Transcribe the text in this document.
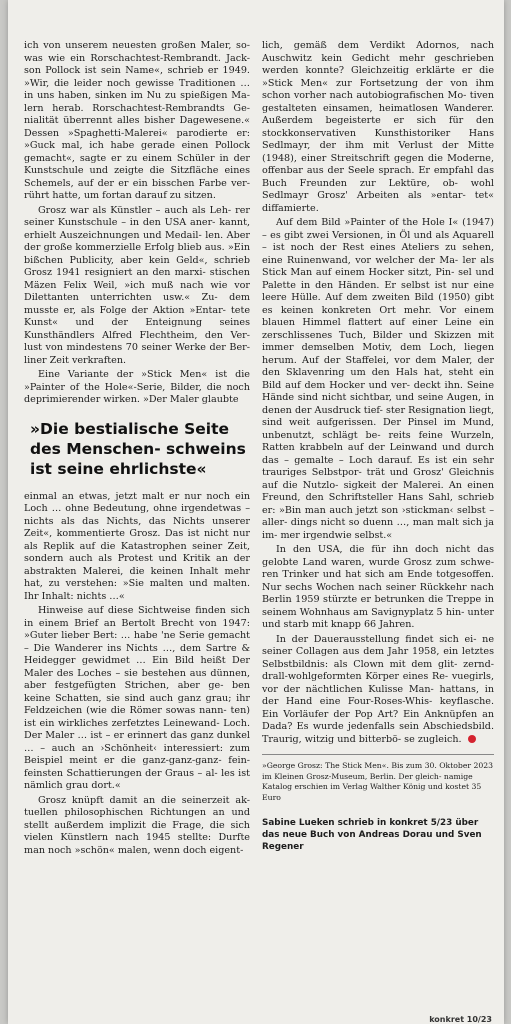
ich von unserem neuesten großen Maler, so- was wie ein Rorschachtest-Rembrandt. Jack- son Pollock ist sein Name«, schrieb er 1949. »Wir, die leider noch gewisse Traditionen … in uns haben, sinken im Nu zu spießigen Ma- lern herab. Rorschachtest-Rembrandts Ge- nialität überrennt alles bisher Dagewesene.« Dessen »Spaghetti-Malerei« parodierte er: »Guck mal, ich habe gerade einen Pollock gemacht«, sagte er zu einem Schüler in der Kunstschule und zeigte die Sitzfläche eines Schemels, auf der er ein bisschen Farbe ver- rührt hatte, um fortan darauf zu sitzen.

Grosz war als Künstler – auch als Leh- rer seiner Kunstschule – in den USA aner- kannt, erhielt Auszeichnungen und Medail- len. Aber der große kommerzielle Erfolg blieb aus. »Ein bißchen Publicity, aber kein Geld«, schrieb Grosz 1941 resigniert an den marxi- stischen Mäzen Felix Weil, »ich muß nach wie vor Dilettanten unterrichten usw.« Zu- dem musste er, als Folge der Aktion »Entar- tete Kunst« und der Enteignung seines Kunsthändlers Alfred Flechtheim, den Ver- lust von mindestens 70 seiner Werke der Ber- liner Zeit verkraften.

Eine Variante der »Stick Men« ist die »Painter of the Hole«-Serie, Bilder, die noch deprimierender wirken. »Der Maler glaubte

»Die bestialische Seite des Menschen- schweins ist seine ehrlichste«

einmal an etwas, jetzt malt er nur noch ein Loch … ohne Bedeutung, ohne irgendetwas – nichts als das Nichts, das Nichts unserer Zeit«, kommentierte Grosz. Das ist nicht nur als Replik auf die Katastrophen seiner Zeit, sondern auch als Protest und Kritik an der abstrakten Malerei, die keinen Inhalt mehr hat, zu verstehen: »Sie malten und malten. Ihr Inhalt: nichts …«

Hinweise auf diese Sichtweise finden sich in einem Brief an Bertolt Brecht von 1947: »Guter lieber Bert: … habe 'ne Serie gemacht – Die Wanderer ins Nichts …, dem Sartre & Heidegger gewidmet … Ein Bild heißt Der Maler des Loches – sie bestehen aus dünnen, aber festgefügten Strichen, aber ge- ben keine Schatten, sie sind auch ganz grau; ihr Feldzeichen (wie die Römer sowas nann- ten) ist ein wirkliches zerfetztes Leinewand- Loch. Der Maler … ist – er erinnert das ganz dunkel … – auch an ›Schönheit‹ interessiert: zum Beispiel meint er die ganz-ganz-ganz- fein-feinsten Schattierungen der Graus – al- les ist nämlich grau dort.«

Grosz knüpft damit an die seinerzeit ak- tuellen philosophischen Richtungen an und stellt außerdem implizit die Frage, die sich vielen Künstlern nach 1945 stellte: Durfte man noch »schön« malen, wenn doch eigent-

lich, gemäß dem Verdikt Adornos, nach Auschwitz kein Gedicht mehr geschrieben werden konnte? Gleichzeitig erklärte er die »Stick Men« zur Fortsetzung der von ihm schon vorher nach autobiografischen Mo- tiven gestalteten einsamen, heimatlosen Wanderer. Außerdem begeisterte er sich für den stockkonservativen Kunsthistoriker Hans Sedlmayr, der ihm mit Verlust der Mitte (1948), einer Streitschrift gegen die Moderne, offenbar aus der Seele sprach. Er empfahl das Buch Freunden zur Lektüre, ob- wohl Sedlmayr Grosz' Arbeiten als »entar- tet« diffamierte.

Auf dem Bild »Painter of the Hole I« (1947) – es gibt zwei Versionen, in Öl und als Aquarell – ist noch der Rest eines Ateliers zu sehen, eine Ruinenwand, vor welcher der Ma- ler als Stick Man auf einem Hocker sitzt, Pin- sel und Palette in den Händen. Er selbst ist nur eine leere Hülle. Auf dem zweiten Bild (1950) gibt es keinen konkreten Ort mehr. Vor einem blauen Himmel flattert auf einer Leine ein zerschlissenes Tuch, Bilder und Skizzen mit immer demselben Motiv, dem Loch, liegen herum. Auf der Staffelei, vor dem Maler, der den Sklavenring um den Hals hat, steht ein Bild auf dem Hocker und ver- deckt ihn. Seine Hände sind nicht sichtbar, und seine Augen, in denen der Ausdruck tief- ster Resignation liegt, sind weit aufgerissen. Der Pinsel im Mund, unbenutzt, schlägt be- reits feine Wurzeln, Ratten krabbeln auf der Leinwand und durch das – gemalte – Loch darauf. Es ist ein sehr trauriges Selbstpor- trät und Grosz' Gleichnis auf die Nutzlo- sigkeit der Malerei. An einen Freund, den Schriftsteller Hans Sahl, schrieb er: »Bin man auch jetzt son ›stickman‹ selbst – aller- dings nicht so duenn …, man malt sich ja im- mer irgendwie selbst.«

In den USA, die für ihn doch nicht das gelobte Land waren, wurde Grosz zum schwe- ren Trinker und hat sich am Ende totgesoffen. Nur sechs Wochen nach seiner Rückkehr nach Berlin 1959 stürzte er betrunken die Treppe in seinem Wohnhaus am Savignyplatz 5 hin- unter und starb mit knapp 66 Jahren.

In der Dauerausstellung findet sich ei- ne seiner Collagen aus dem Jahr 1958, ein letztes Selbstbildnis: als Clown mit dem glit- zernd-drall-wohlgeformten Körper eines Re- vuegirls, vor der nächtlichen Kulisse Man- hattans, in der Hand eine Four-Roses-Whis- keyflasche. Ein Vorläufer der Pop Art? Ein Anknüpfen an Dada? Es wurde jedenfalls sein Abschiedsbild. Traurig, witzig und bitterbö- se zugleich.

»George Grosz: The Stick Men«. Bis zum 30. Oktober 2023 im Kleinen Grosz-Museum, Berlin. Der gleich- namige Katalog erschien im Verlag Walther König und kostet 35 Euro

Sabine Lueken schrieb in konkret 5/23 über das neue Buch von Andreas Dorau und Sven Regener
konkret 10/23
